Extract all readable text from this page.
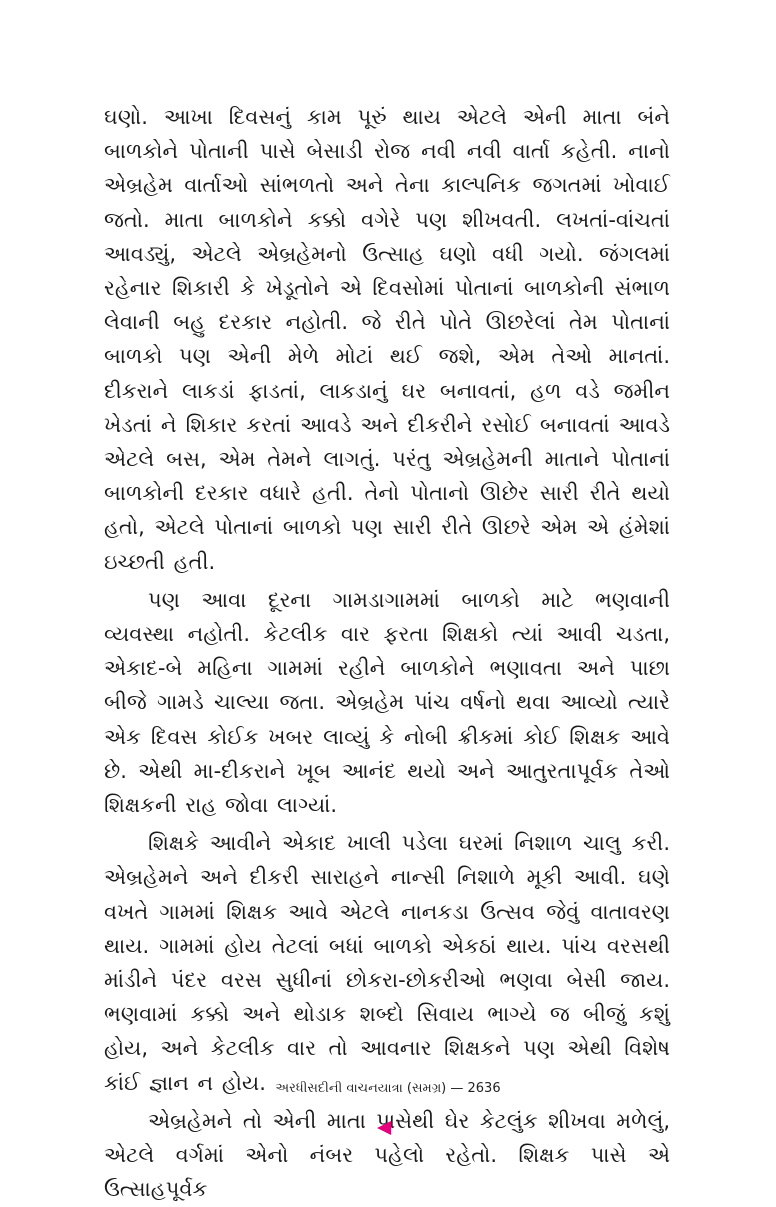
ઘણો. આખા દિવસનું કામ પૂરું થાય એટલે એની માતા બંને બાળકોને પોતાની પાસે બેસાડી રોજ નવી નવી વાર્તા કહેતી. નાનો એબ્રહેમ વાર્તાઓ સાંભળતો અને તેના કાલ્પનિક જગતમાં ખોવાઈ જતો. માતા બાળકોને કક્કો વગેરે પણ શીખવતી. લખતાં-વાંચતાં આવડ્યું, એટલે એબ્રહેમનો ઉત્સાહ ઘણો વધી ગયો. જંગલમાં રહેનાર શિકારી કે ખેડૂતોને એ દિવસોમાં પોતાનાં બાળકોની સંભાળ લેવાની બહુ દરકાર નહોતી. જે રીતે પોતે ઊછરેલાં તેમ પોતાનાં બાળકો પણ એની મેળે મોટાં થઈ જશે, એમ તેઓ માનતાં. દીકરાને લાકડાં ફાડતાં, લાકડાનું ઘર બનાવતાં, હળ વડે જમીન ખેડતાં ને શિકાર કરતાં આવડે અને દીકરીને રસોઈ બનાવતાં આવડે એટલે બસ, એમ તેમને લાગતું. પરંતુ એબ્રહેમની માતાને પોતાનાં બાળકોની દરકાર વધારે હતી. તેનો પોતાનો ઊછેર સારી રીતે થયો હતો, એટલે પોતાનાં બાળકો પણ સારી રીતે ઊછરે એમ એ હંમેશાં ઇચ્છતી હતી.

પણ આવા દૂરના ગામડાગામમાં બાળકો માટે ભણવાની વ્યવસ્થા નહોતી. કેટલીક વાર ફરતા શિક્ષકો ત્યાં આવી ચડતા, એકાદ-બે મહિના ગામમાં રહીને બાળકોને ભણાવતા અને પાછા બીજે ગામડે ચાલ્યા જતા. એબ્રહેમ પાંચ વર્ષનો થવા આવ્યો ત્યારે એક દિવસ કોઈક ખબર લાવ્યું કે નોબી ક્રીકમાં કોઈ શિક્ષક આવે છે. એથી મા-દીકરાને ખૂબ આનંદ થયો અને આતુરતાપૂર્વક તેઓ શિક્ષકની રાહ જોવા લાગ્યાં.

શિક્ષકે આવીને એકાદ ખાલી પડેલા ઘરમાં નિશાળ ચાલુ કરી. એબ્રહેમને અને દીકરી સારાહને નાન્સી નિશાળે મૂકી આવી. ઘણે વખતે ગામમાં શિક્ષક આવે એટલે નાનકડા ઉત્સવ જેવું વાતાવરણ થાય. ગામમાં હોય તેટલાં બધાં બાળકો એકઠાં થાય. પાંચ વરસથી માંડીને પંદર વરસ સુધીનાં છોકરા-છોકરીઓ ભણવા બેસી જાય. ભણવામાં કક્કો અને થોડાક શબ્દો સિવાય ભાગ્યે જ બીજું કશું હોય, અને કેટલીક વાર તો આવનાર શિક્ષકને પણ એથી વિશેષ કાંઈ જ્ઞાન ન હોય.

એબ્રહેમને તો એની માતા પાસેથી ઘેર કેટલુંક શીખવા મળેલું, એટલે વર્ગમાં એનો નંબર પહેલો રહેતો. શિક્ષક પાસે એ ઉત્સાહપૂર્વક

અરધીસદીની વાચનયાત્રા (સમગ્ર) — 2636
